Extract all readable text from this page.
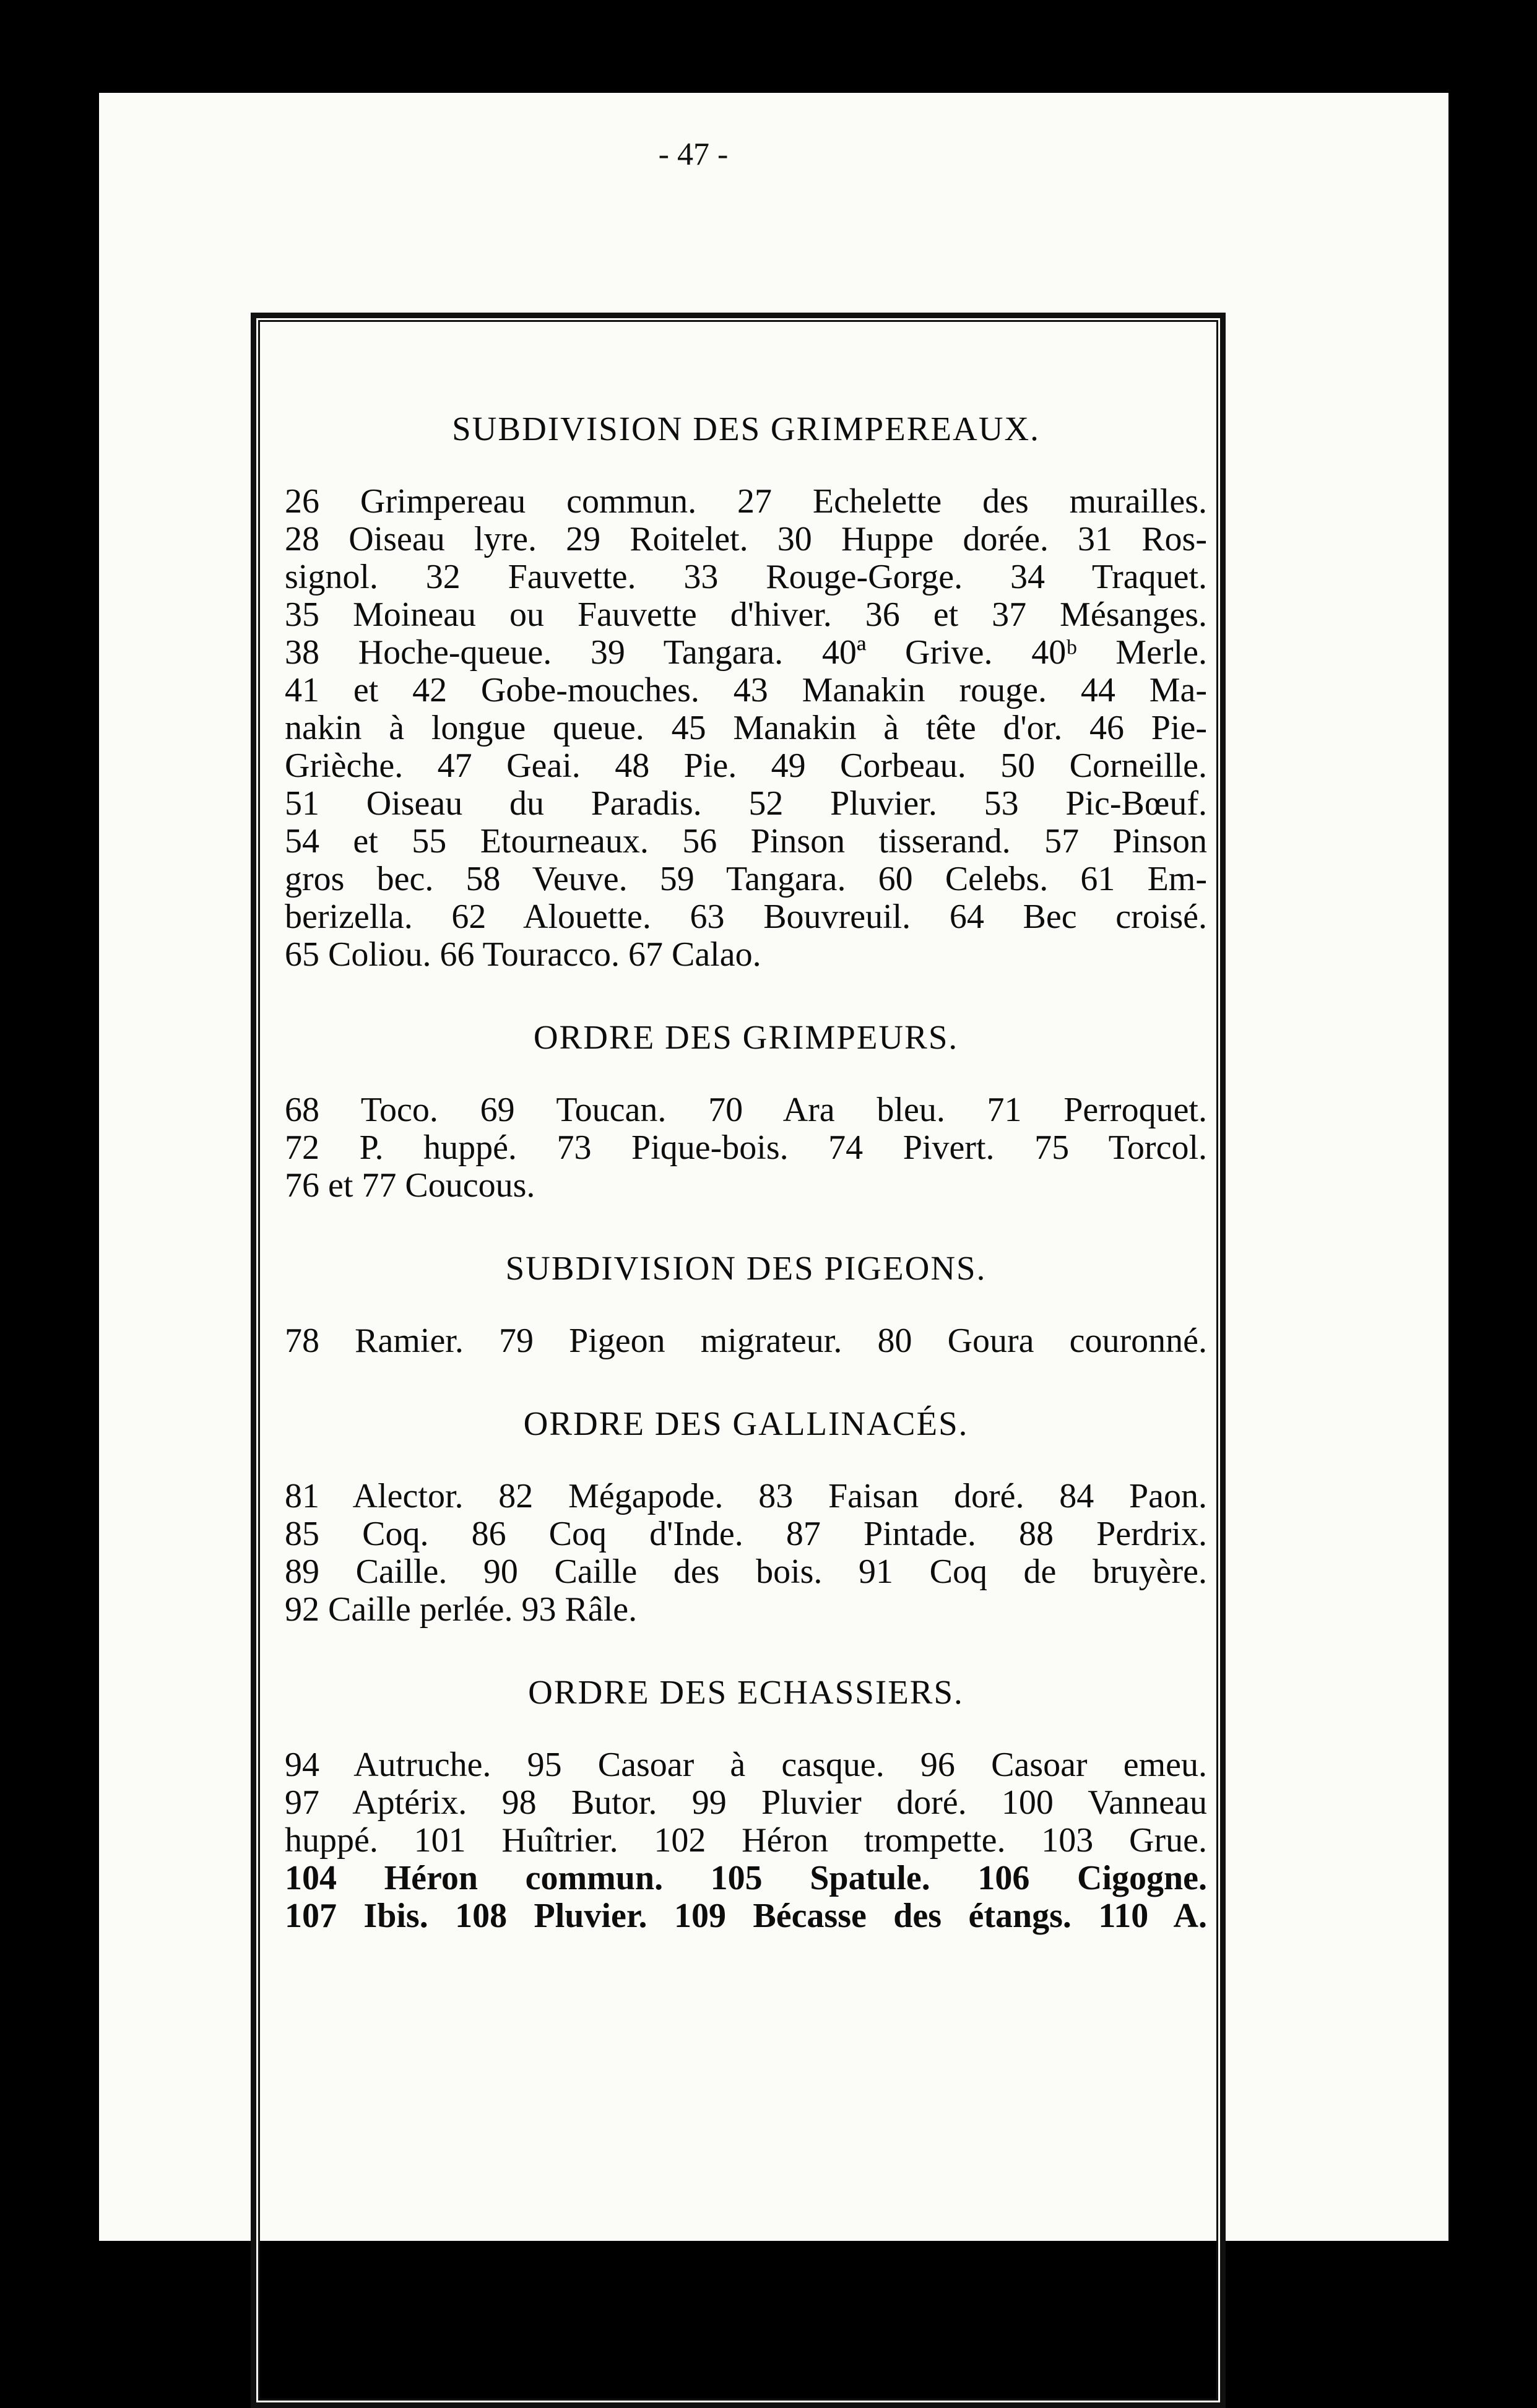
- 47 -
SUBDIVISION DES GRIMPEREAUX.
26 Grimpereau commun. 27 Echelette des murailles.
28 Oiseau lyre. 29 Roitelet. 30 Huppe dorée. 31 Ros-
signol. 32 Fauvette. 33 Rouge-Gorge. 34 Traquet.
35 Moineau ou Fauvette d'hiver. 36 et 37 Mésanges.
38 Hoche-queue. 39 Tangara. 40ª Grive. 40ᵇ Merle.
41 et 42 Gobe-mouches. 43 Manakin rouge. 44 Ma-
nakin à longue queue. 45 Manakin à tête d'or. 46 Pie-
Grièche. 47 Geai. 48 Pie. 49 Corbeau. 50 Corneille.
51 Oiseau du Paradis. 52 Pluvier. 53 Pic-Bœuf.
54 et 55 Etourneaux. 56 Pinson tisserand. 57 Pinson
gros bec. 58 Veuve. 59 Tangara. 60 Celebs. 61 Em-
berizella. 62 Alouette. 63 Bouvreuil. 64 Bec croisé.
65 Coliou. 66 Touracco. 67 Calao.
ORDRE DES GRIMPEURS.
68 Toco. 69 Toucan. 70 Ara bleu. 71 Perroquet.
72 P. huppé. 73 Pique-bois. 74 Pivert. 75 Torcol.
76 et 77 Coucous.
SUBDIVISION DES PIGEONS.
78 Ramier. 79 Pigeon migrateur. 80 Goura couronné.
ORDRE DES GALLINACÉS.
81 Alector. 82 Mégapode. 83 Faisan doré. 84 Paon.
85 Coq. 86 Coq d'Inde. 87 Pintade. 88 Perdrix.
89 Caille. 90 Caille des bois. 91 Coq de bruyère.
92 Caille perlée. 93 Râle.
ORDRE DES ECHASSIERS.
94 Autruche. 95 Casoar à casque. 96 Casoar emeu.
97 Aptérix. 98 Butor. 99 Pluvier doré. 100 Vanneau
huppé. 101 Huîtrier. 102 Héron trompette. 103 Grue.
104 Héron commun. 105 Spatule. 106 Cigogne.
107 Ibis. 108 Pluvier. 109 Bécasse des étangs. 110 A.
